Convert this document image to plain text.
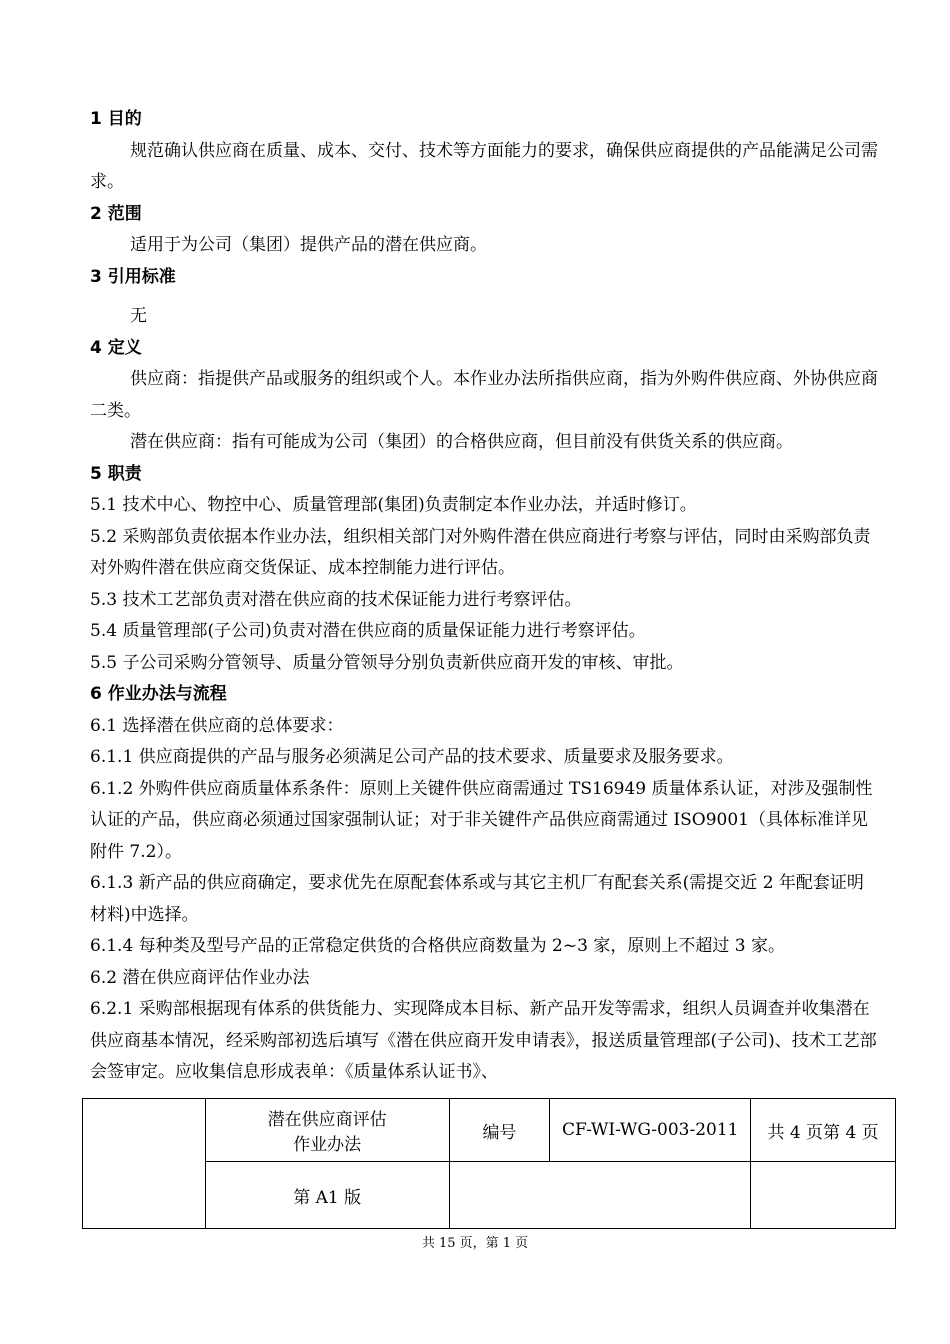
1 目的

规范确认供应商在质量、成本、交付、技术等方面能力的要求，确保供应商提供的产品能满足公司需求。

2 范围

适用于为公司（集团）提供产品的潜在供应商。

3 引用标准

无

4 定义

供应商：指提供产品或服务的组织或个人。本作业办法所指供应商，指为外购件供应商、外协供应商二类。

潜在供应商：指有可能成为公司（集团）的合格供应商，但目前没有供货关系的供应商。

5 职责

5.1 技术中心、物控中心、质量管理部(集团)负责制定本作业办法，并适时修订。

5.2 采购部负责依据本作业办法，组织相关部门对外购件潜在供应商进行考察与评估，同时由采购部负责对外购件潜在供应商交货保证、成本控制能力进行评估。

5.3 技术工艺部负责对潜在供应商的技术保证能力进行考察评估。

5.4 质量管理部(子公司)负责对潜在供应商的质量保证能力进行考察评估。

5.5 子公司采购分管领导、质量分管领导分别负责新供应商开发的审核、审批。

6 作业办法与流程

6.1 选择潜在供应商的总体要求：

6.1.1 供应商提供的产品与服务必须满足公司产品的技术要求、质量要求及服务要求。

6.1.2 外购件供应商质量体系条件：原则上关键件供应商需通过 TS16949 质量体系认证，对涉及强制性认证的产品，供应商必须通过国家强制认证；对于非关键件产品供应商需通过 ISO9001（具体标准详见附件 7.2）。

6.1.3 新产品的供应商确定，要求优先在原配套体系或与其它主机厂有配套关系(需提交近 2 年配套证明材料)中选择。

6.1.4 每种类及型号产品的正常稳定供货的合格供应商数量为 2~3 家，原则上不超过 3 家。

6.2 潜在供应商评估作业办法

6.2.1 采购部根据现有体系的供货能力、实现降成本目标、新产品开发等需求，组织人员调查并收集潜在供应商基本情况，经采购部初选后填写《潜在供应商开发申请表》，报送质量管理部(子公司)、技术工艺部会签审定。应收集信息形成表单：《质量体系认证书》、

	潜在供应商评估
作业办法	编号	CF-WI-WG-003-2011	共 4 页第 4 页
	第 A1 版			
共 15 页，第 1 页
